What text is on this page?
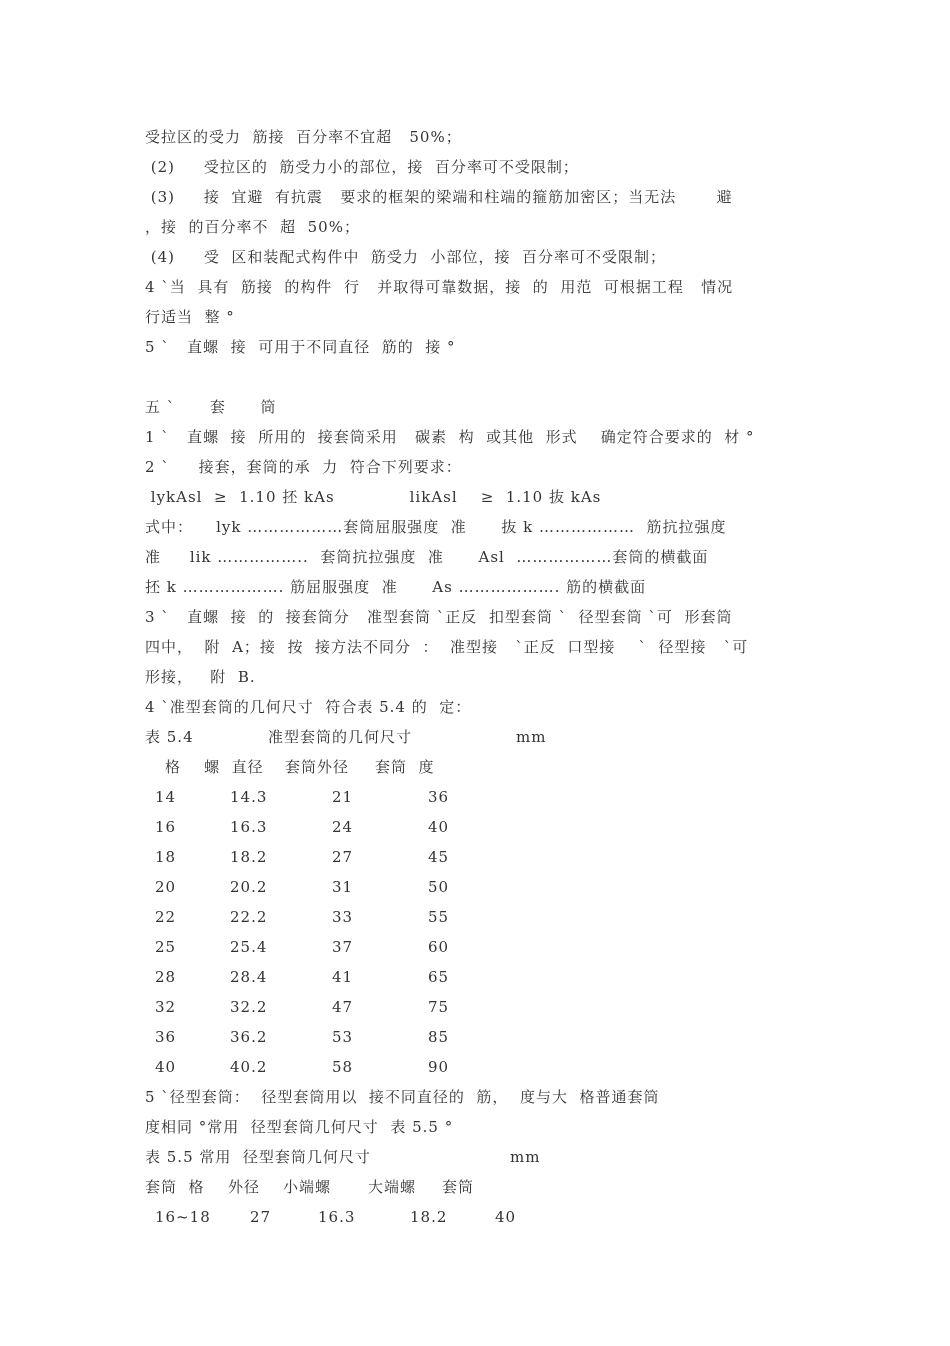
受拉区的受力  筋接  百分率不宜超   50%；

(2)     受拉区的  筋受力小的部位，接  百分率可不受限制；

(3)     接  宜避  有抗震   要求的框架的梁端和柱端的箍筋加密区；当无法       避

，接  的百分率不  超  50%；

(4)     受  区和装配式构件中  筋受力  小部位，接  百分率可不受限制；

4 `当  具有  筋接  的构件  行   并取得可靠数据，接  的  用范  可根据工程   情况

行适当  整 °

5 `   直螺  接  可用于不同直径  筋的  接 °

五 `      套      筒

1 `   直螺  接  所用的  接套筒采用   碳素  构  或其他  形式    确定符合要求的  材 °

2 `     接套，套筒的承  力  符合下列要求：

lykAsl  ≥  1.10 抷 kAs             likAsl    ≥  1.10 抜 kAs

式中：    lyk ………………套筒屈服强度  准      抜 k ………………  筋抗拉强度

准     lik ……………..  套筒抗拉强度  准      Asl  ………………套筒的横截面

抷 k ………………. 筋屈服强度  准      As ………………. 筋的横截面

3 `   直螺  接  的  接套筒分   准型套筒 `正反  扣型套筒 `  径型套筒 `可  形套筒

四中，  附  A；接  按  接方法不同分  ：  准型接   `正反  口型接    `  径型接   `可

形接，   附  B.

4 `准型套筒的几何尺寸  符合表 5.4 的  定：

表 5.4	准型套筒的几何尺寸	mm
格    螺  直径 套筒外径 套筒  度
14	14.3	21	36
16	16.3	24	40
18	18.2	27	45
20	20.2	31	50
22	22.2	33	55
25	25.4	37	60
28	28.4	41	65
32	32.2	47	75
36	36.2	53	85
40	40.2	58	90

5 `径型套筒：  径型套筒用以  接不同直径的  筋，  度与大  格普通套筒

度相同 °常用  径型套筒几何尺寸  表 5.5 °

表 5.5 常用  径型套筒几何尺寸	mm
套筒  格 外径 小端螺 大端螺 套筒
16~18	27	16.3	18.2	40
